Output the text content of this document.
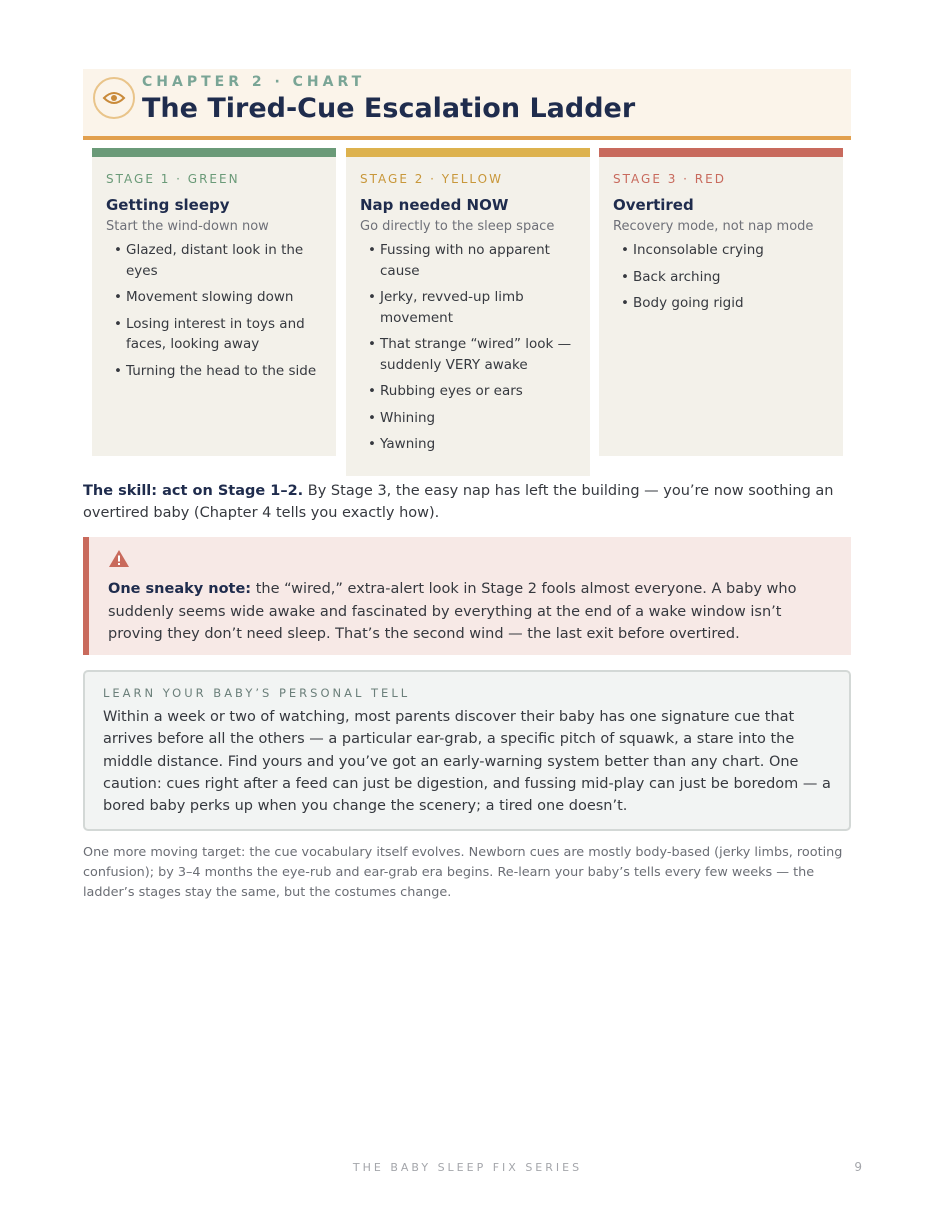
CHAPTER 2 · CHART
The Tired-Cue Escalation Ladder
STAGE 1 · GREEN
Getting sleepy
Start the wind-down now
• Glazed, distant look in the eyes
• Movement slowing down
• Losing interest in toys and faces, looking away
• Turning the head to the side
STAGE 2 · YELLOW
Nap needed NOW
Go directly to the sleep space
• Fussing with no apparent cause
• Jerky, revved-up limb movement
• That strange “wired” look — suddenly VERY awake
• Rubbing eyes or ears
• Whining
• Yawning
STAGE 3 · RED
Overtired
Recovery mode, not nap mode
• Inconsolable crying
• Back arching
• Body going rigid
The skill: act on Stage 1–2. By Stage 3, the easy nap has left the building — you’re now soothing an overtired baby (Chapter 4 tells you exactly how).
One sneaky note: the “wired,” extra-alert look in Stage 2 fools almost everyone. A baby who suddenly seems wide awake and fascinated by everything at the end of a wake window isn’t proving they don’t need sleep. That’s the second wind — the last exit before overtired.
LEARN YOUR BABY’S PERSONAL TELL
Within a week or two of watching, most parents discover their baby has one signature cue that arrives before all the others — a particular ear-grab, a specific pitch of squawk, a stare into the middle distance. Find yours and you’ve got an early-warning system better than any chart. One caution: cues right after a feed can just be digestion, and fussing mid-play can just be boredom — a bored baby perks up when you change the scenery; a tired one doesn’t.
One more moving target: the cue vocabulary itself evolves. Newborn cues are mostly body-based (jerky limbs, rooting confusion); by 3–4 months the eye-rub and ear-grab era begins. Re-learn your baby’s tells every few weeks — the ladder’s stages stay the same, but the costumes change.
THE BABY SLEEP FIX SERIES	9
